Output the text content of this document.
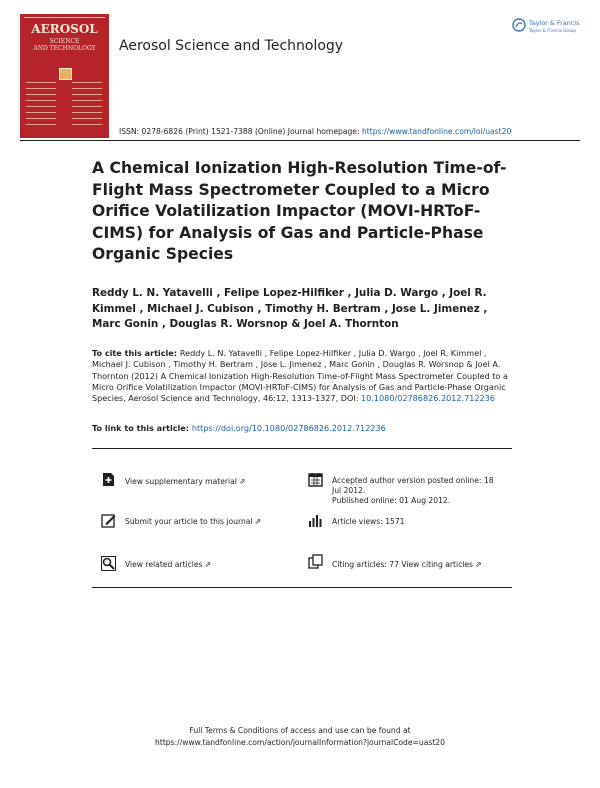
AEROSOL
SCIENCE
AND TECHNOLOGY	Aerosol Science and Technology
Taylor & Francis
Taylor & Francis Group
ISSN: 0278-6826 (Print) 1521-7388 (Online) Journal homepage: https://www.tandfonline.com/loi/uast20
A Chemical Ionization High-Resolution Time-of-Flight Mass Spectrometer Coupled to a Micro Orifice Volatilization Impactor (MOVI-HRToF-CIMS) for Analysis of Gas and Particle-Phase Organic Species
Reddy L. N. Yatavelli , Felipe Lopez-Hilfiker , Julia D. Wargo , Joel R. Kimmel , Michael J. Cubison , Timothy H. Bertram , Jose L. Jimenez , Marc Gonin , Douglas R. Worsnop & Joel A. Thornton
To cite this article: Reddy L. N. Yatavelli , Felipe Lopez-Hilfiker , Julia D. Wargo , Joel R. Kimmel , Michael J. Cubison , Timothy H. Bertram , Jose L. Jimenez , Marc Gonin , Douglas R. Worsnop & Joel A. Thornton (2012) A Chemical Ionization High-Resolution Time-of-Flight Mass Spectrometer Coupled to a Micro Orifice Volatilization Impactor (MOVI-HRToF-CIMS) for Analysis of Gas and Particle-Phase Organic Species, Aerosol Science and Technology, 46:12, 1313-1327, DOI: 10.1080/02786826.2012.712236
To link to this article: https://doi.org/10.1080/02786826.2012.712236
View supplementary material ⇗	Accepted author version posted online: 18
Jul 2012.
Published online: 01 Aug 2012.
Submit your article to this journal ⇗	Article views: 1571
View related articles ⇗	Citing articles: 77 View citing articles ⇗
Full Terms & Conditions of access and use can be found at
https://www.tandfonline.com/action/journalInformation?journalCode=uast20
